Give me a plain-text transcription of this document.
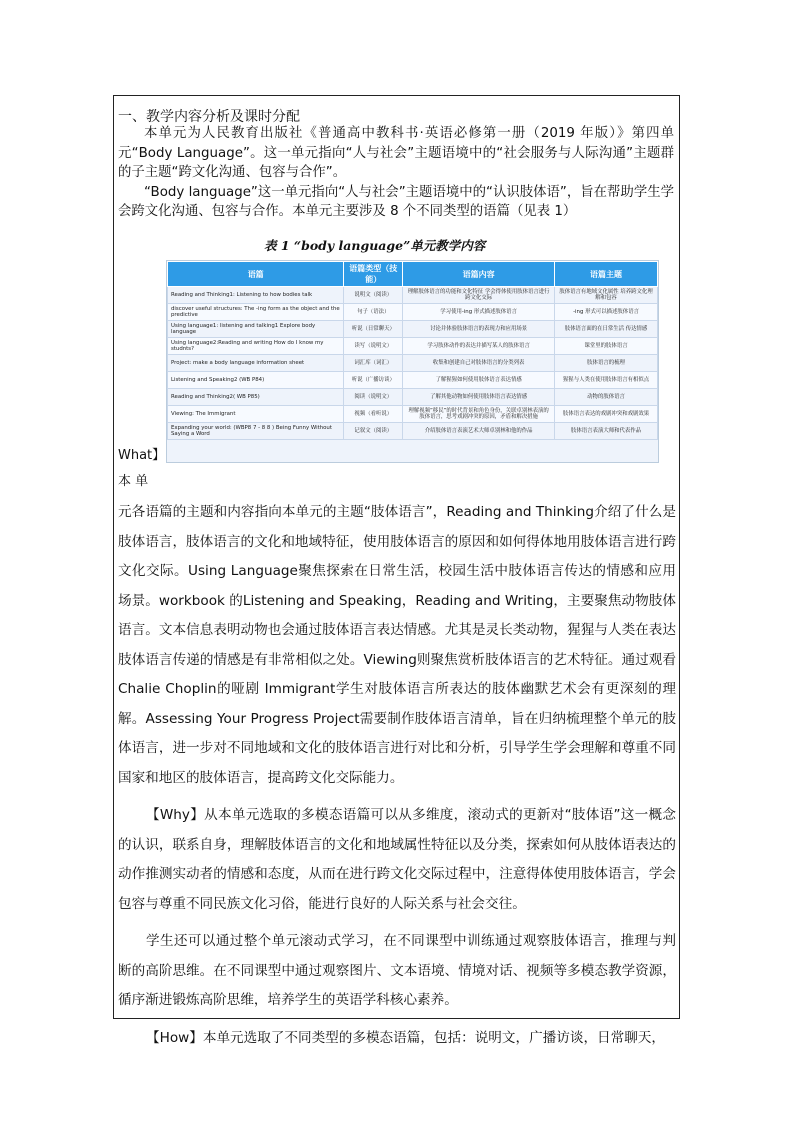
一、教学内容分析及课时分配

本单元为人民教育出版社《普通高中教科书·英语必修第一册（2019 年版）》第四单元“Body Language”。这一单元指向“人与社会”主题语境中的“社会服务与人际沟通”主题群的子主题“跨文化沟通、包容与合作”。

“Body language”这一单元指向“人与社会”主题语境中的“认识肢体语”，旨在帮助学生学会跨文化沟通、包容与合作。本单元主要涉及 8 个不同类型的语篇（见表 1）

表 1 “body language”单元教学内容
语篇	语篇类型（技能）	语篇内容	语篇主题
Reading and Thinking1: Listening to how bodies talk	说明文（阅读）	理解肢体语言的功能和文化特征 学会得体使用肢体语言进行跨文化交际	肢体语言有地域文化属性 培养跨文化理解和包容
discover useful structures: The -ing form as the object and the predictive	句子（语法）	学习使用-ing 形式描述肢体语言	-ing 形式可以描述肢体语言
Using language1: listening and talking1 Explore body language	听说（日常聊天）	讨论并体验肢体语言的表现力和应用场景	肢体语言面的在日常生活 传达情感
Using language2:Reading and writing How do I know my studnts?	读写（说明文）	学习肢体动作的表达并描写某人的肢体语言	课堂里的肢体语言
Project: make a body language information sheet	词汇库（词汇）	收集和创建自己对肢体语言的分类列表	肢体语言的梳理
Listening and Speaking2 (WB P84)	听说（广播访谈）	了解猩猩如何使用肢体语言表达情感	猩猩与人类在使用肢体语言有相似点
Reading and Thinking2( WB P85)	阅读（说明文）	了解其他动物如何使用肢体语言表达情感	动物的肢体语言
Viewing: The Immigrant	视频（看听说）	理解视频”移民”的时代背景和角色身份，关联卓别林表演的肢体语言，思考戏剧冲突的原因，矛盾和解决措施	肢体语言表达的戏剧冲突和戏剧效果
Expanding your world: (WBP8 7 - 8 8 ) Being Funny Without Saying a Word	记叙文（阅读）	介绍肢体语言表演艺术大师卓别林和他的作品	肢体语言表演大师和代表作品
What】
本 单

元各语篇的主题和内容指向本单元的主题“肢体语言”，Reading and Thinking介绍了什么是肢体语言，肢体语言的文化和地域特征，使用肢体语言的原因和如何得体地用肢体语言进行跨文化交际。Using Language聚焦探索在日常生活，校园生活中肢体语言传达的情感和应用场景。workbook 的Listening and Speaking，Reading and Writing，主要聚焦动物肢体语言。文本信息表明动物也会通过肢体语言表达情感。尤其是灵长类动物，猩猩与人类在表达肢体语言传递的情感是有非常相似之处。Viewing则聚焦赏析肢体语言的艺术特征。通过观看 Chalie Choplin的哑剧 Immigrant学生对肢体语言所表达的肢体幽默艺术会有更深刻的理解。Assessing Your Progress Project需要制作肢体语言清单，旨在归纳梳理整个单元的肢体语言，进一步对不同地域和文化的肢体语言进行对比和分析，引导学生学会理解和尊重不同国家和地区的肢体语言，提高跨文化交际能力。

【Why】从本单元选取的多模态语篇可以从多维度，滚动式的更新对“肢体语”这一概念的认识，联系自身，理解肢体语言的文化和地域属性特征以及分类，探索如何从肢体语表达的动作推测实动者的情感和态度，从而在进行跨文化交际过程中，注意得体使用肢体语言，学会包容与尊重不同民族文化习俗，能进行良好的人际关系与社会交往。

学生还可以通过整个单元滚动式学习，在不同课型中训练通过观察肢体语言，推理与判断的高阶思维。在不同课型中通过观察图片、文本语境、情境对话、视频等多模态教学资源，循序渐进锻炼高阶思维，培养学生的英语学科核心素养。

【How】本单元选取了不同类型的多模态语篇，包括：说明文，广播访谈，日常聊天，
